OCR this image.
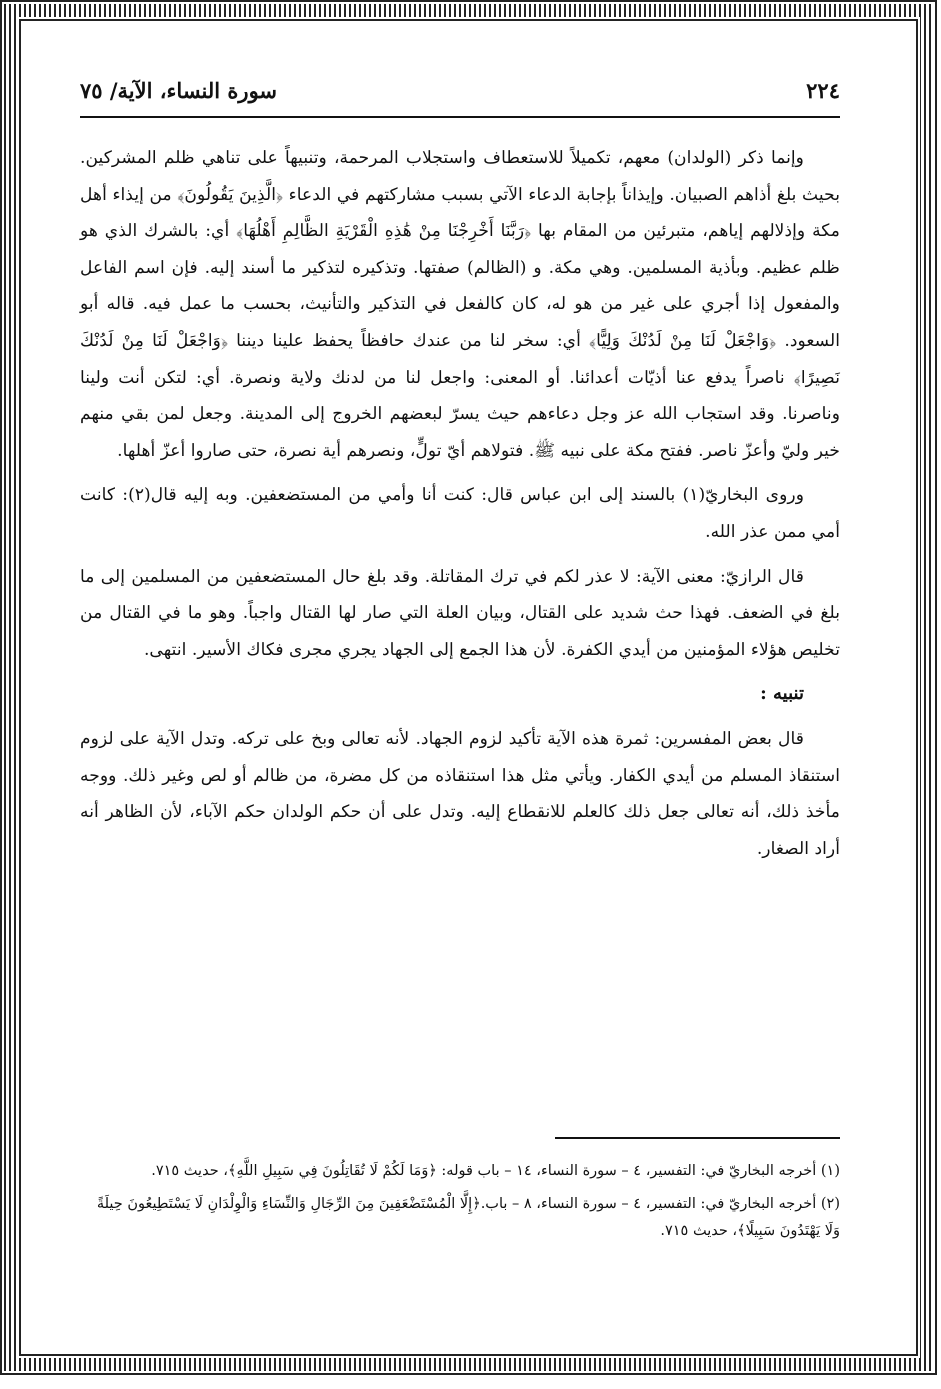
٢٢٤
سورة النساء، الآية/ ٧٥

وإنما ذكر (الولدان) معهم، تكميلاً للاستعطاف واستجلاب المرحمة، وتنبيهاً على تناهي ظلم المشركين. بحيث بلغ أذاهم الصبيان. وإيذاناً بإجابة الدعاء الآتي بسبب مشاركتهم في الدعاء ﴿الَّذِينَ يَقُولُونَ﴾ من إيذاء أهل مكة وإذلالهم إياهم، متبرئين من المقام بها ﴿رَبَّنَا أَخْرِجْنَا مِنْ هَٰذِهِ الْقَرْيَةِ الظَّالِمِ أَهْلُهَا﴾ أي: بالشرك الذي هو ظلم عظيم. وبأذية المسلمين. وهي مكة. و (الظالم) صفتها. وتذكيره لتذكير ما أسند إليه. فإن اسم الفاعل والمفعول إذا أجري على غير من هو له، كان كالفعل في التذكير والتأنيث، بحسب ما عمل فيه. قاله أبو السعود. ﴿وَاجْعَلْ لَنَا مِنْ لَدُنْكَ وَلِيًّا﴾ أي: سخر لنا من عندك حافظاً يحفظ علينا ديننا ﴿وَاجْعَلْ لَنَا مِنْ لَدُنْكَ نَصِيرًا﴾ ناصراً يدفع عنا أذيّات أعدائنا. أو المعنى: واجعل لنا من لدنك ولاية ونصرة. أي: لتكن أنت ولينا وناصرنا. وقد استجاب الله عز وجل دعاءهم حيث يسرّ لبعضهم الخروج إلى المدينة. وجعل لمن بقي منهم خير وليّ وأعزّ ناصر. ففتح مكة على نبيه ﷺ. فتولاهم أيّ تولٍّ، ونصرهم أية نصرة، حتى صاروا أعزّ أهلها.

وروى البخاريّ(١) بالسند إلى ابن عباس قال: كنت أنا وأمي من المستضعفين. وبه إليه قال(٢): كانت أمي ممن عذر الله.

قال الرازيّ: معنى الآية: لا عذر لكم في ترك المقاتلة. وقد بلغ حال المستضعفين من المسلمين إلى ما بلغ في الضعف. فهذا حث شديد على القتال، وبيان العلة التي صار لها القتال واجباً. وهو ما في القتال من تخليص هؤلاء المؤمنين من أيدي الكفرة. لأن هذا الجمع إلى الجهاد يجري مجرى فكاك الأسير. انتهى.

تنبيه :

قال بعض المفسرين: ثمرة هذه الآية تأكيد لزوم الجهاد. لأنه تعالى وبخ على تركه. وتدل الآية على لزوم استنقاذ المسلم من أيدي الكفار. ويأتي مثل هذا استنقاذه من كل مضرة، من ظالم أو لص وغير ذلك. ووجه مأخذ ذلك، أنه تعالى جعل ذلك كالعلم للانقطاع إليه. وتدل على أن حكم الولدان حكم الآباء، لأن الظاهر أنه أراد الصغار.

(١) أخرجه البخاريّ في: التفسير، ٤ – سورة النساء، ١٤ – باب قوله: ﴿وَمَا لَكُمْ لَا تُقَاتِلُونَ فِي سَبِيلِ اللَّهِ﴾، حديث ٧١٥.

(٢) أخرجه البخاريّ في: التفسير، ٤ – سورة النساء، ٨ – باب.﴿إِلَّا الْمُسْتَضْعَفِينَ مِنَ الرِّجَالِ وَالنِّسَاءِ وَالْوِلْدَانِ لَا يَسْتَطِيعُونَ حِيلَةً وَلَا يَهْتَدُونَ سَبِيلًا﴾، حديث ٧١٥.
